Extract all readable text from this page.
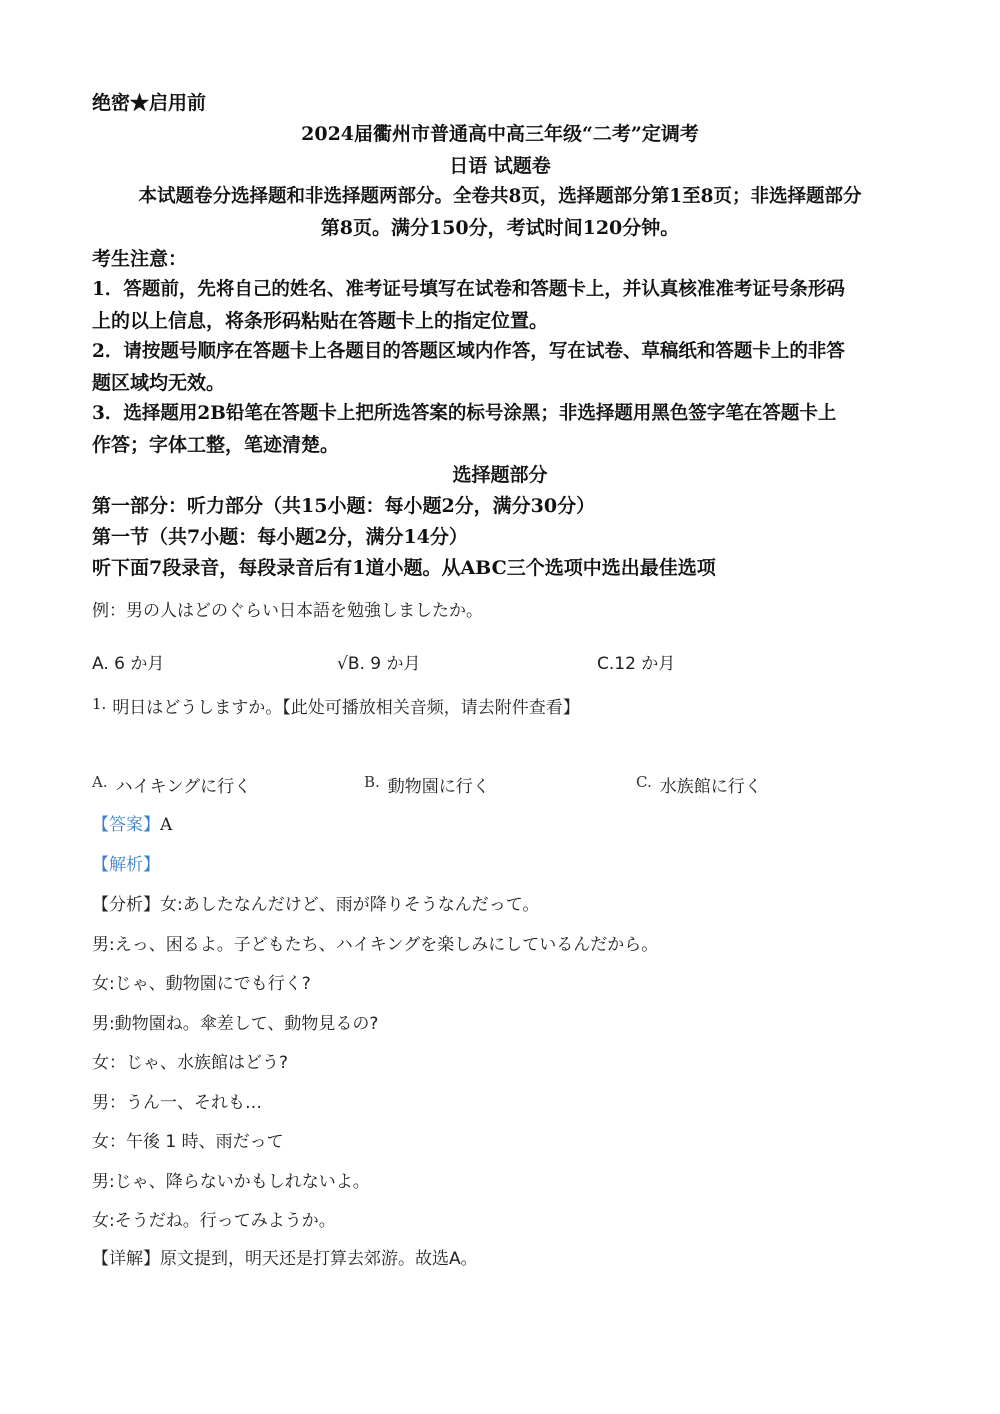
绝密★启用前
2024届衢州市普通高中高三年级“二考”定调考
日语 试题卷
本试题卷分选择题和非选择题两部分。全卷共8页，选择题部分第1至8页；非选择题部分
第8页。满分150分，考试时间120分钟。
考生注意：
1．答题前，先将自己的姓名、准考证号填写在试卷和答题卡上，并认真核准准考证号条形码
上的以上信息，将条形码粘贴在答题卡上的指定位置。
2．请按题号顺序在答题卡上各题目的答题区域内作答，写在试卷、草稿纸和答题卡上的非答
题区域均无效。
3．选择题用2B铅笔在答题卡上把所选答案的标号涂黑；非选择题用黑色签字笔在答题卡上
作答；字体工整，笔迹清楚。
选择题部分
第一部分：听力部分（共15小题：每小题2分，满分30分）
第一节（共7小题：每小题2分，满分14分）
听下面7段录音，每段录音后有1道小题。从ABC三个选项中选出最佳选项
例：男の人はどのぐらい日本語を勉強しましたか。
A. 6 か月	√B. 9 か月	C.12 か月
1. 明日はどうしますか。【此处可播放相关音频，请去附件查看】
A. ハイキングに行く	B. 動物園に行く	C. 水族館に行く
【答案】A
【解析】
【分析】女:あしたなんだけど、雨が降りそうなんだって。
男:えっ、困るよ。子どもたち、ハイキングを楽しみにしているんだから。
女:じゃ、動物園にでも行く?
男:動物園ね。傘差して、動物見るの?
女：じゃ、水族館はどう?
男：うん一、それも…
女：午後 1 時、雨だって
男:じゃ、降らないかもしれないよ。
女:そうだね。行ってみようか。
【详解】原文提到，明天还是打算去郊游。故选A。
